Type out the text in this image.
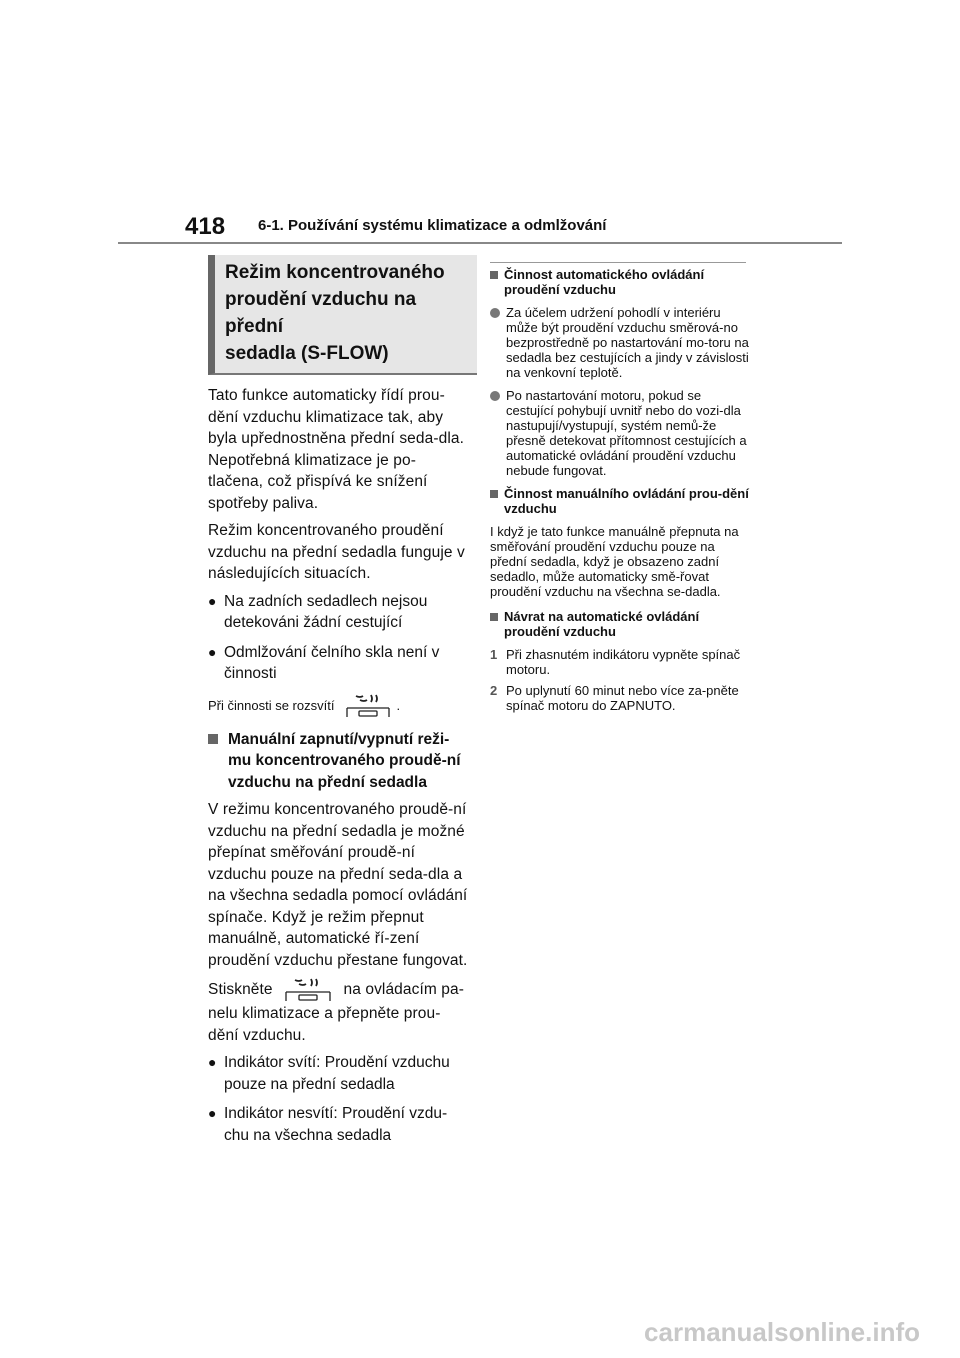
418 6-1. Používání systému klimatizace a odmlžování
Režim koncentrovaného
proudění vzduchu na přední
sedadla (S-FLOW)

Tato funkce automaticky řídí prou-dění vzduchu klimatizace tak, aby byla upřednostněna přední seda-dla. Nepotřebná klimatizace je po-tlačena, což přispívá ke snížení spotřeby paliva.

Režim koncentrovaného proudění vzduchu na přední sedadla funguje v následujících situacích.

● Na zadních sedadlech nejsou detekováni žádní cestující
● Odmlžování čelního skla není v činnosti
Při činnosti se rozsvítí	.
Manuální zapnutí/vypnutí reži-mu koncentrovaného proudě-ní vzduchu na přední sedadla

V režimu koncentrovaného proudě-ní vzduchu na přední sedadla je možné přepínat směřování proudě-ní vzduchu pouze na přední seda-dla a na všechna sedadla pomocí ovládání spínače. Když je režim přepnut manuálně, automatické ří-zení proudění vzduchu přestane fungovat.

Stiskněte	na ovládacím pa-nelu klimatizace a přepněte prou-dění vzduchu.

● Indikátor svítí: Proudění vzduchu pouze na přední sedadla
● Indikátor nesvítí: Proudění vzdu-chu na všechna sedadla
Činnost automatického ovládání proudění vzduchu
Za účelem udržení pohodlí v interiéru může být proudění vzduchu směrová-no bezprostředně po nastartování mo-toru na sedadla bez cestujících a jindy v závislosti na venkovní teplotě.
Po nastartování motoru, pokud se cestující pohybují uvnitř nebo do vozi-dla nastupují/vystupují, systém nemů-že přesně detekovat přítomnost cestujících a automatické ovládání proudění vzduchu nebude fungovat.
Činnost manuálního ovládání prou-dění vzduchu

I když je tato funkce manuálně přepnuta na směřování proudění vzduchu pouze na přední sedadla, když je obsazeno zadní sedadlo, může automaticky smě-řovat proudění vzduchu na všechna se-dadla.

Návrat na automatické ovládání proudění vzduchu
1 Při zhasnutém indikátoru vypněte spínač motoru.
2 Po uplynutí 60 minut nebo více za-pněte spínač motoru do ZAPNUTO.
carmanualsonline.info
